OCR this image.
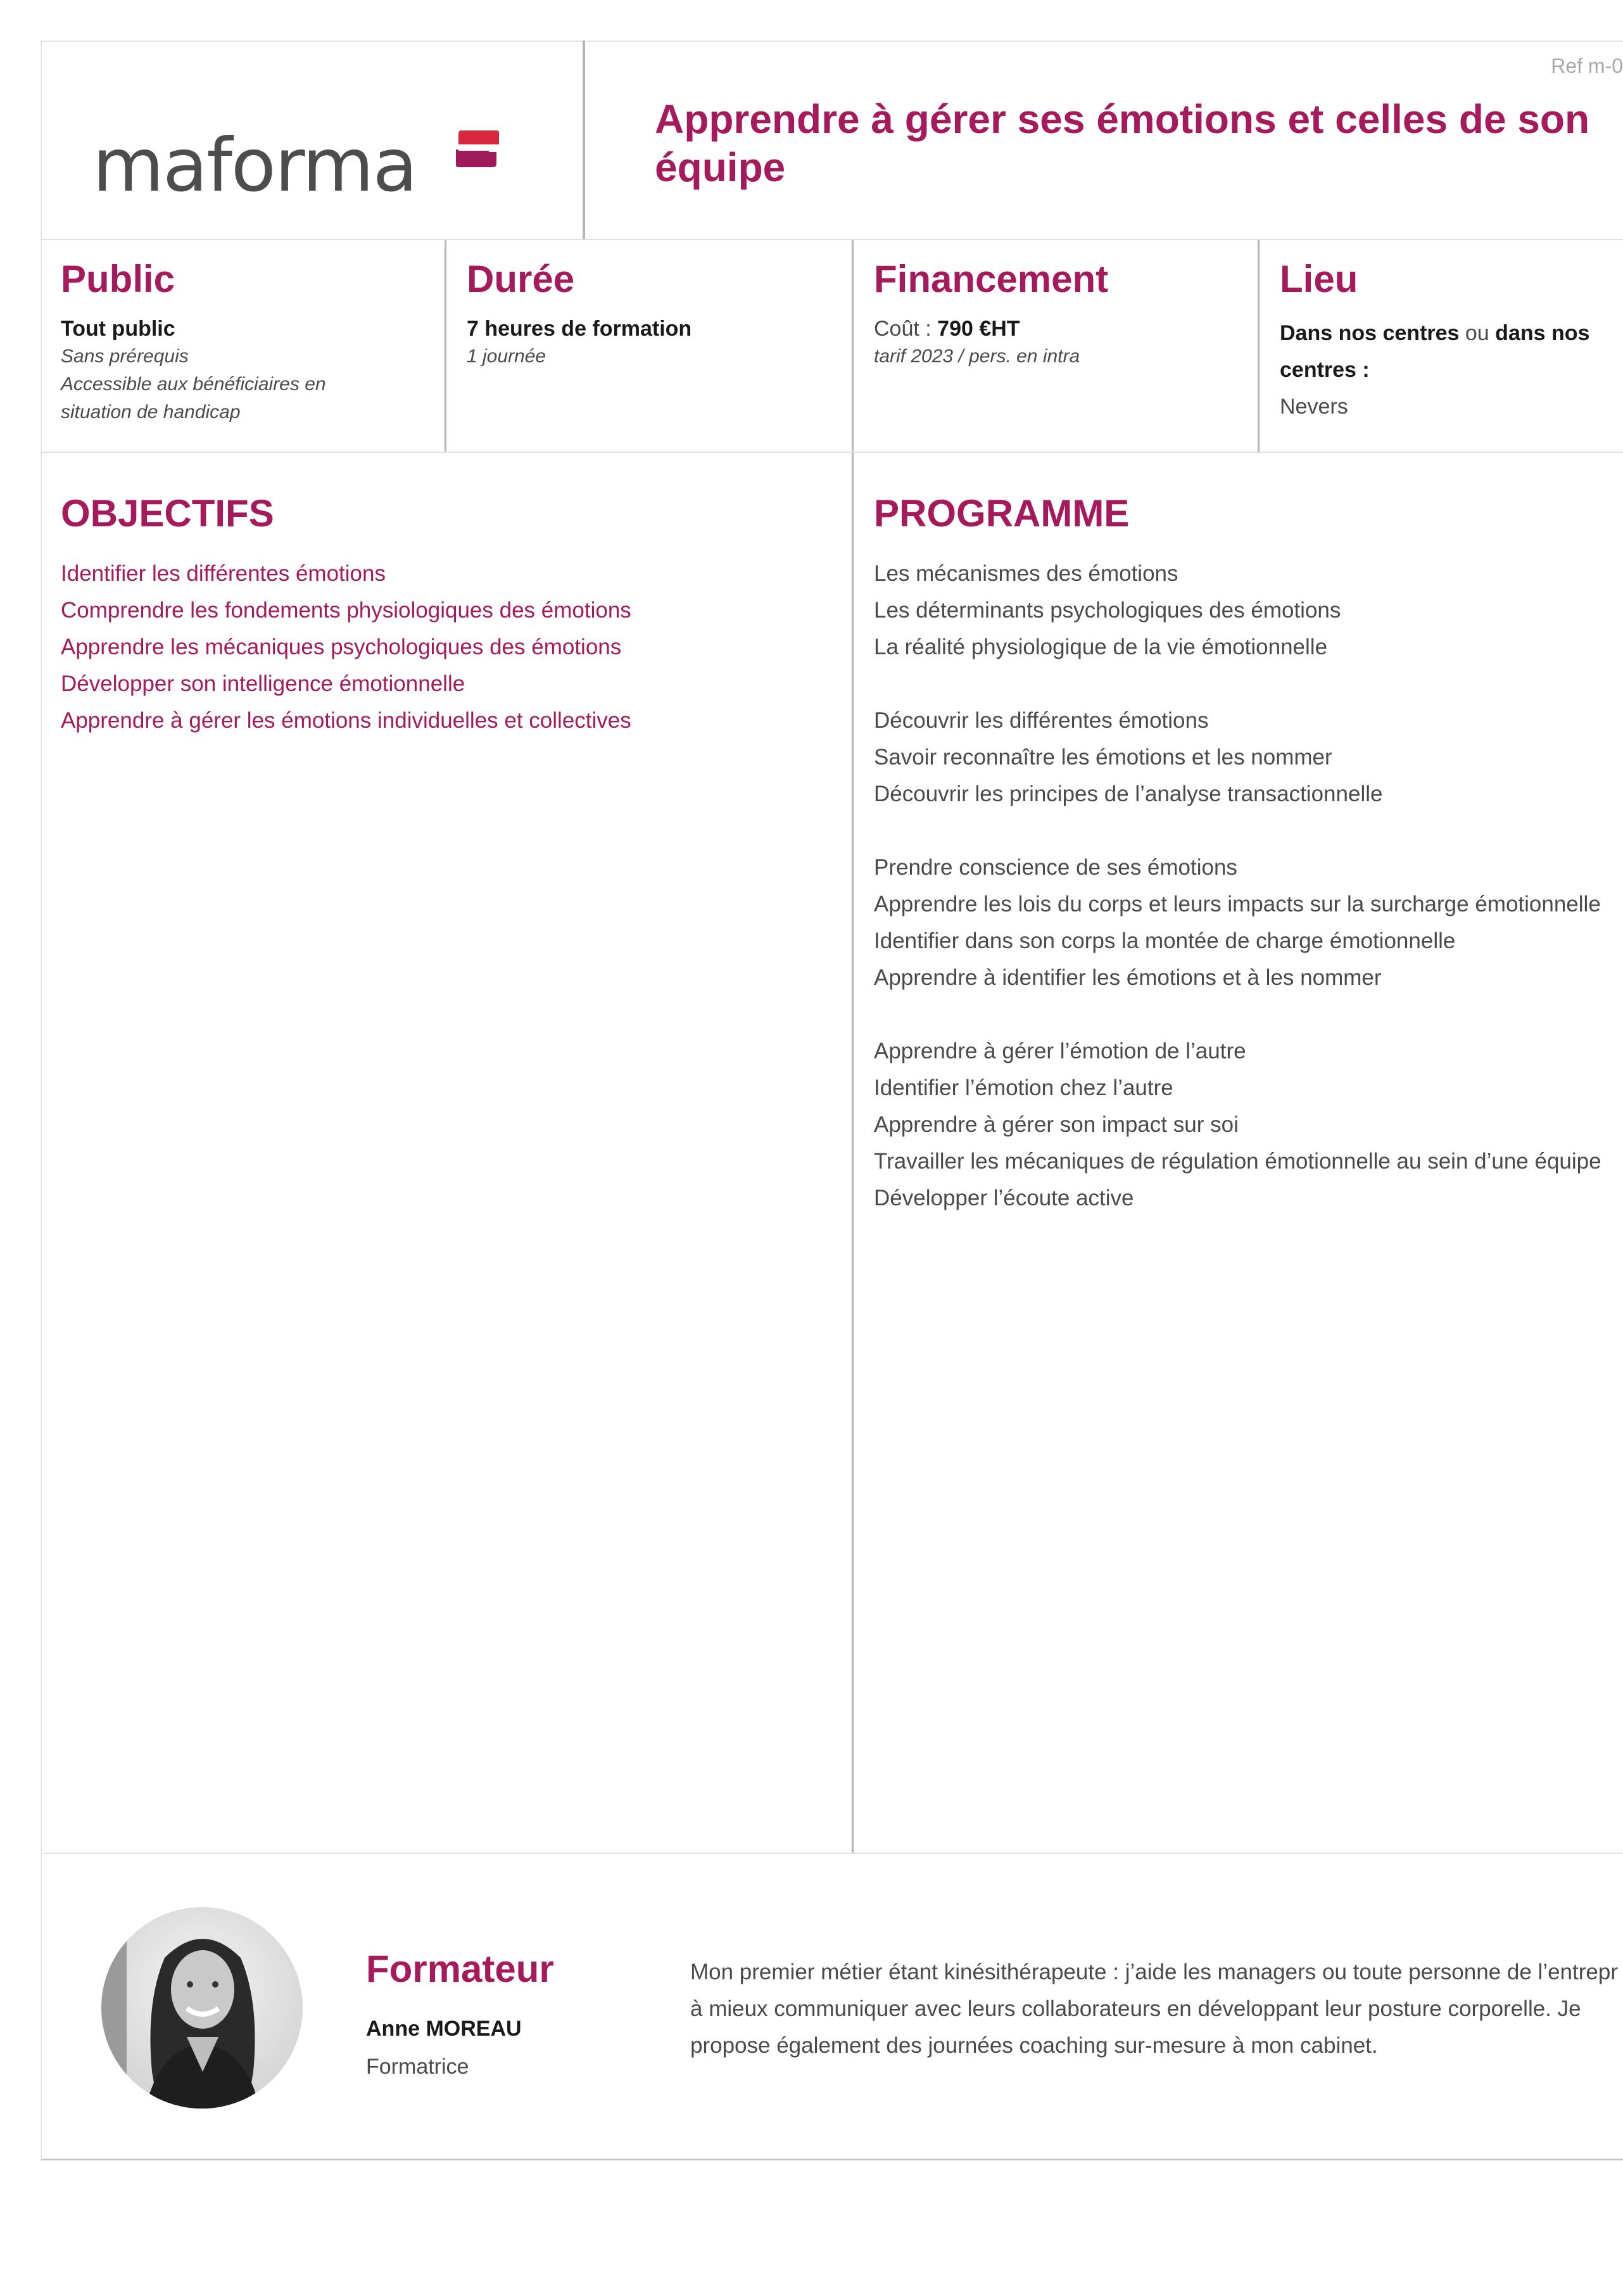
maforma
Ref m-0
Apprendre à gérer ses émotions et celles de son équipe
Public
Tout public
Sans prérequis
Accessible aux bénéficiaires en
situation de handicap
Durée
7 heures de formation
1 journée
Financement
Coût : 790 €HT
tarif 2023 / pers. en intra
Lieu
Dans nos centres ou dans nos
centres :
Nevers
OBJECTIFS
Identifier les différentes émotions
Comprendre les fondements physiologiques des émotions
Apprendre les mécaniques psychologiques des émotions
Développer son intelligence émotionnelle
Apprendre à gérer les émotions individuelles et collectives
PROGRAMME
Les mécanismes des émotions
Les déterminants psychologiques des émotions
La réalité physiologique de la vie émotionnelle
Découvrir les différentes émotions
Savoir reconnaître les émotions et les nommer
Découvrir les principes de l’analyse transactionnelle
Prendre conscience de ses émotions
Apprendre les lois du corps et leurs impacts sur la surcharge émotionnelle
Identifier dans son corps la montée de charge émotionnelle
Apprendre à identifier les émotions et à les nommer
Apprendre à gérer l’émotion de l’autre
Identifier l’émotion chez l’autre
Apprendre à gérer son impact sur soi
Travailler les mécaniques de régulation émotionnelle au sein d’une équipe
Développer l’écoute active
Formateur
Anne MOREAU
Formatrice
Mon premier métier étant kinésithérapeute : j’aide les managers ou toute personne de l’entrepr
à mieux communiquer avec leurs collaborateurs en développant leur posture corporelle. Je
propose également des journées coaching sur-mesure à mon cabinet.
